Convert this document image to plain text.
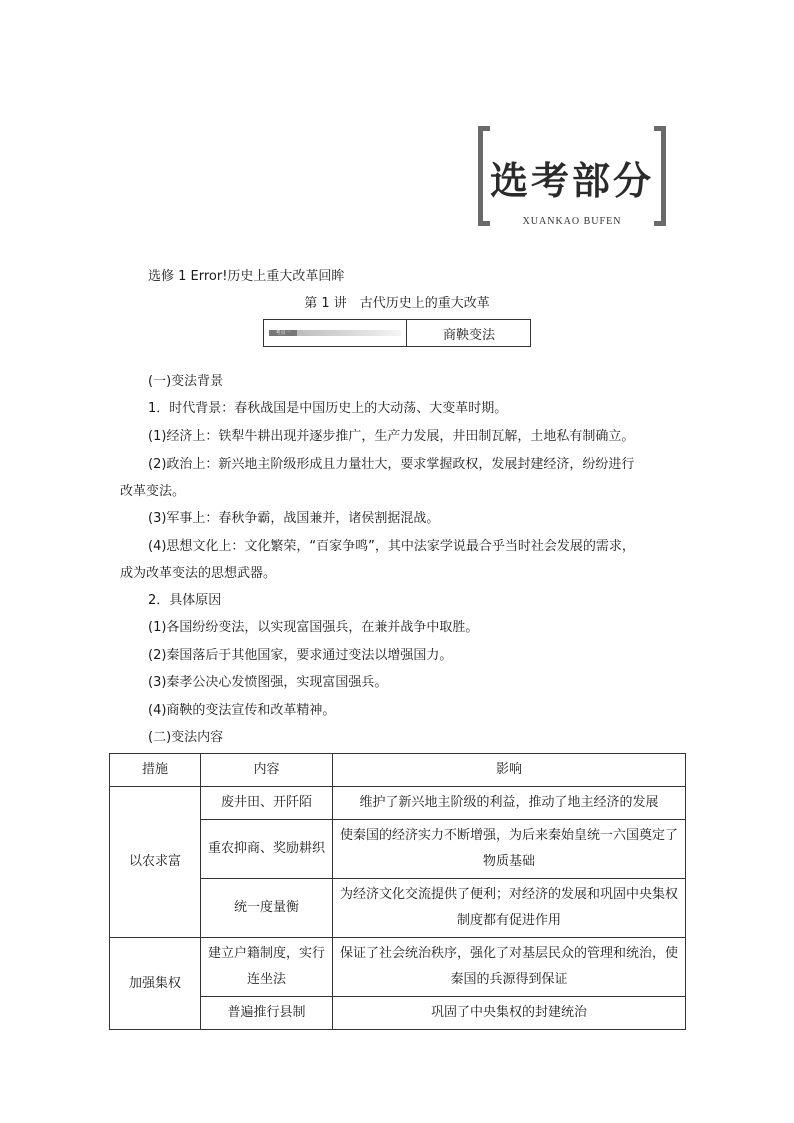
选考部分
XUANKAO BUFEN
选修 1 Error!历史上重大改革回眸
第 1 讲　古代历史上的重大改革
考点一	商鞅变法
(一)变法背景
1．时代背景：春秋战国是中国历史上的大动荡、大变革时期。
(1)经济上：铁犁牛耕出现并逐步推广，生产力发展，井田制瓦解，土地私有制确立。
(2)政治上：新兴地主阶级形成且力量壮大，要求掌握政权，发展封建经济，纷纷进行
改革变法。
(3)军事上：春秋争霸，战国兼并，诸侯割据混战。
(4)思想文化上：文化繁荣，“百家争鸣”，其中法家学说最合乎当时社会发展的需求，
成为改革变法的思想武器。
2．具体原因
(1)各国纷纷变法，以实现富国强兵，在兼并战争中取胜。
(2)秦国落后于其他国家，要求通过变法以增强国力。
(3)秦孝公决心发愤图强，实现富国强兵。
(4)商鞅的变法宣传和改革精神。
(二)变法内容
措施	内容	影响
以农求富	废井田、开阡陌	维护了新兴地主阶级的利益，推动了地主经济的发展
	重农抑商、奖励耕织	使秦国的经济实力不断增强，为后来秦始皇统一六国奠定了物质基础
	统一度量衡	为经济文化交流提供了便利；对经济的发展和巩固中央集权制度都有促进作用
加强集权	建立户籍制度，实行连坐法	保证了社会统治秩序，强化了对基层民众的管理和统治，使秦国的兵源得到保证
	普遍推行县制	巩固了中央集权的封建统治
